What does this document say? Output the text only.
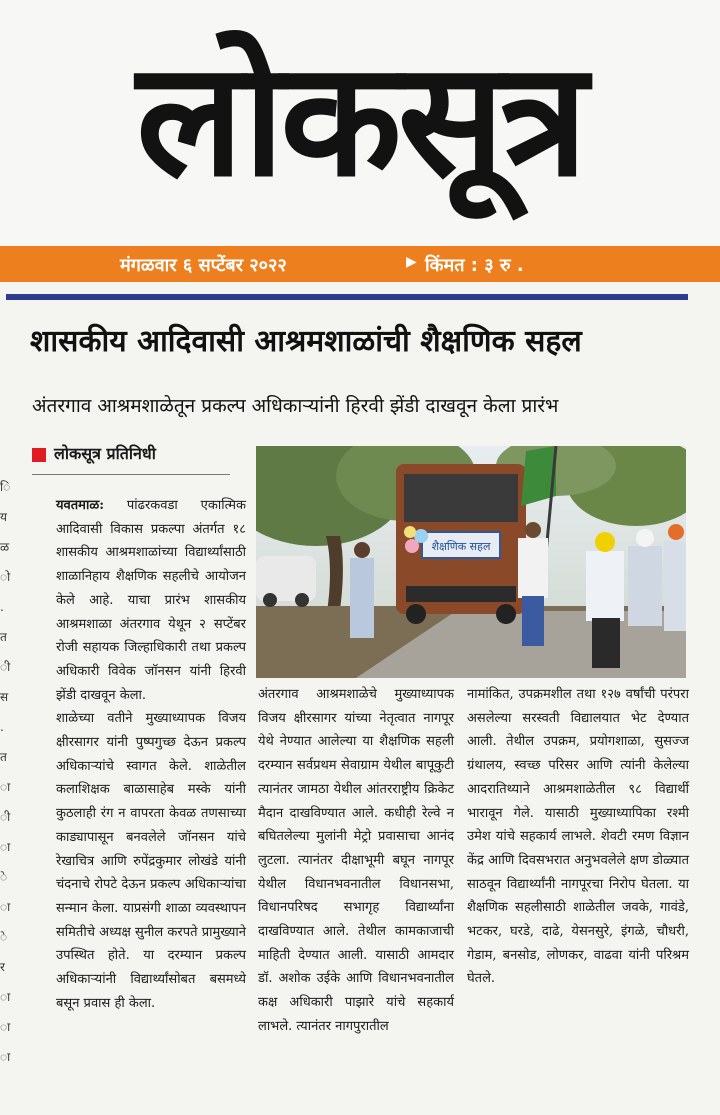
लोकसूत्र
मंगळवार ६ सप्टेंबर २०२२	▶ किंमत : ३ रु .
शासकीय आदिवासी आश्रमशाळांची शैक्षणिक सहल
अंतरगाव आश्रमशाळेतून प्रकल्प अधिकाऱ्यांनी हिरवी झेंडी दाखवून केला प्रारंभ
लोकसूत्र प्रतिनिधी
ि
य
ळ
ो
.
त
ी
स
.
त
ा
ी
ा
े
ा
े
र
ा
ा
ा

यवतमाळ: पांढरकवडा एकात्मिक आदिवासी विकास प्रकल्पा अंतर्गत १८ शासकीय आश्रमशाळांच्या विद्यार्थ्यांसाठी शाळानिहाय शैक्षणिक सहलीचे आयोजन केले आहे. याचा प्रारंभ शासकीय आश्रमशाळा अंतरगाव येथून २ सप्टेंबर रोजी सहायक जिल्हाधिकारी तथा प्रकल्प अधिकारी विवेक जॉनसन यांनी हिरवी झेंडी दाखवून केला.

शाळेच्या वतीने मुख्याध्यापक विजय क्षीरसागर यांनी पुष्पगुच्छ देऊन प्रकल्प अधिकाऱ्यांचे स्वागत केले. शाळेतील कलाशिक्षक बाळासाहेब मस्के यांनी कुठलाही रंग न वापरता केवळ तणसाच्या काड्यापासून बनवलेले जॉनसन यांचे रेखाचित्र आणि रुपेंद्रकुमार लोखंडे यांनी चंदनाचे रोपटे देऊन प्रकल्प अधिकाऱ्यांचा सन्मान केला. याप्रसंगी शाळा व्यवस्थापन समितीचे अध्यक्ष सुनील करपते प्रामुख्याने उपस्थित होते. या दरम्यान प्रकल्प अधिकाऱ्यांनी विद्यार्थ्यांसोबत बसमध्ये बसून प्रवास ही केला.

अंतरगाव आश्रमशाळेचे मुख्याध्यापक विजय क्षीरसागर यांच्या नेतृत्वात नागपूर येथे नेण्यात आलेल्या या शैक्षणिक सहली दरम्यान सर्वप्रथम सेवाग्राम येथील बापूकुटी त्यानंतर जामठा येथील आंतरराष्ट्रीय क्रिकेट मैदान दाखविण्यात आले. कधीही रेल्वे न बघितलेल्या मुलांनी मेट्रो प्रवासाचा आनंद लुटला. त्यानंतर दीक्षाभूमी बघून नागपूर येथील विधानभवनातील विधानसभा, विधानपरिषद सभागृह विद्यार्थ्यांना दाखविण्यात आले. तेथील कामकाजाची माहिती देण्यात आली. यासाठी आमदार डॉ. अशोक उईके आणि विधानभवनातील कक्ष अधिकारी पाझारे यांचे सहकार्य लाभले. त्यानंतर नागपुरातील

नामांकित, उपक्रमशील तथा १२७ वर्षांची परंपरा असलेल्या सरस्वती विद्यालयात भेट देण्यात आली. तेथील उपक्रम, प्रयोगशाळा, सुसज्ज ग्रंथालय, स्वच्छ परिसर आणि त्यांनी केलेल्या आदरातिथ्याने आश्रमशाळेतील ९८ विद्यार्थी भारावून गेले. यासाठी मुख्याध्यापिका रश्मी उमेश यांचे सहकार्य लाभले. शेवटी रमण विज्ञान केंद्र आणि दिवसभरात अनुभवलेले क्षण डोळ्यात साठवून विद्यार्थ्यांनी नागपूरचा निरोप घेतला. या शैक्षणिक सहलीसाठी शाळेतील जवके, गावंडे, भटकर, घरडे, दाढे, येसनसुरे, इंगळे, चौधरी, गेडाम, बनसोड, लोणकर, वाढवा यांनी परिश्रम घेतले.

शैक्षणिक सहल
